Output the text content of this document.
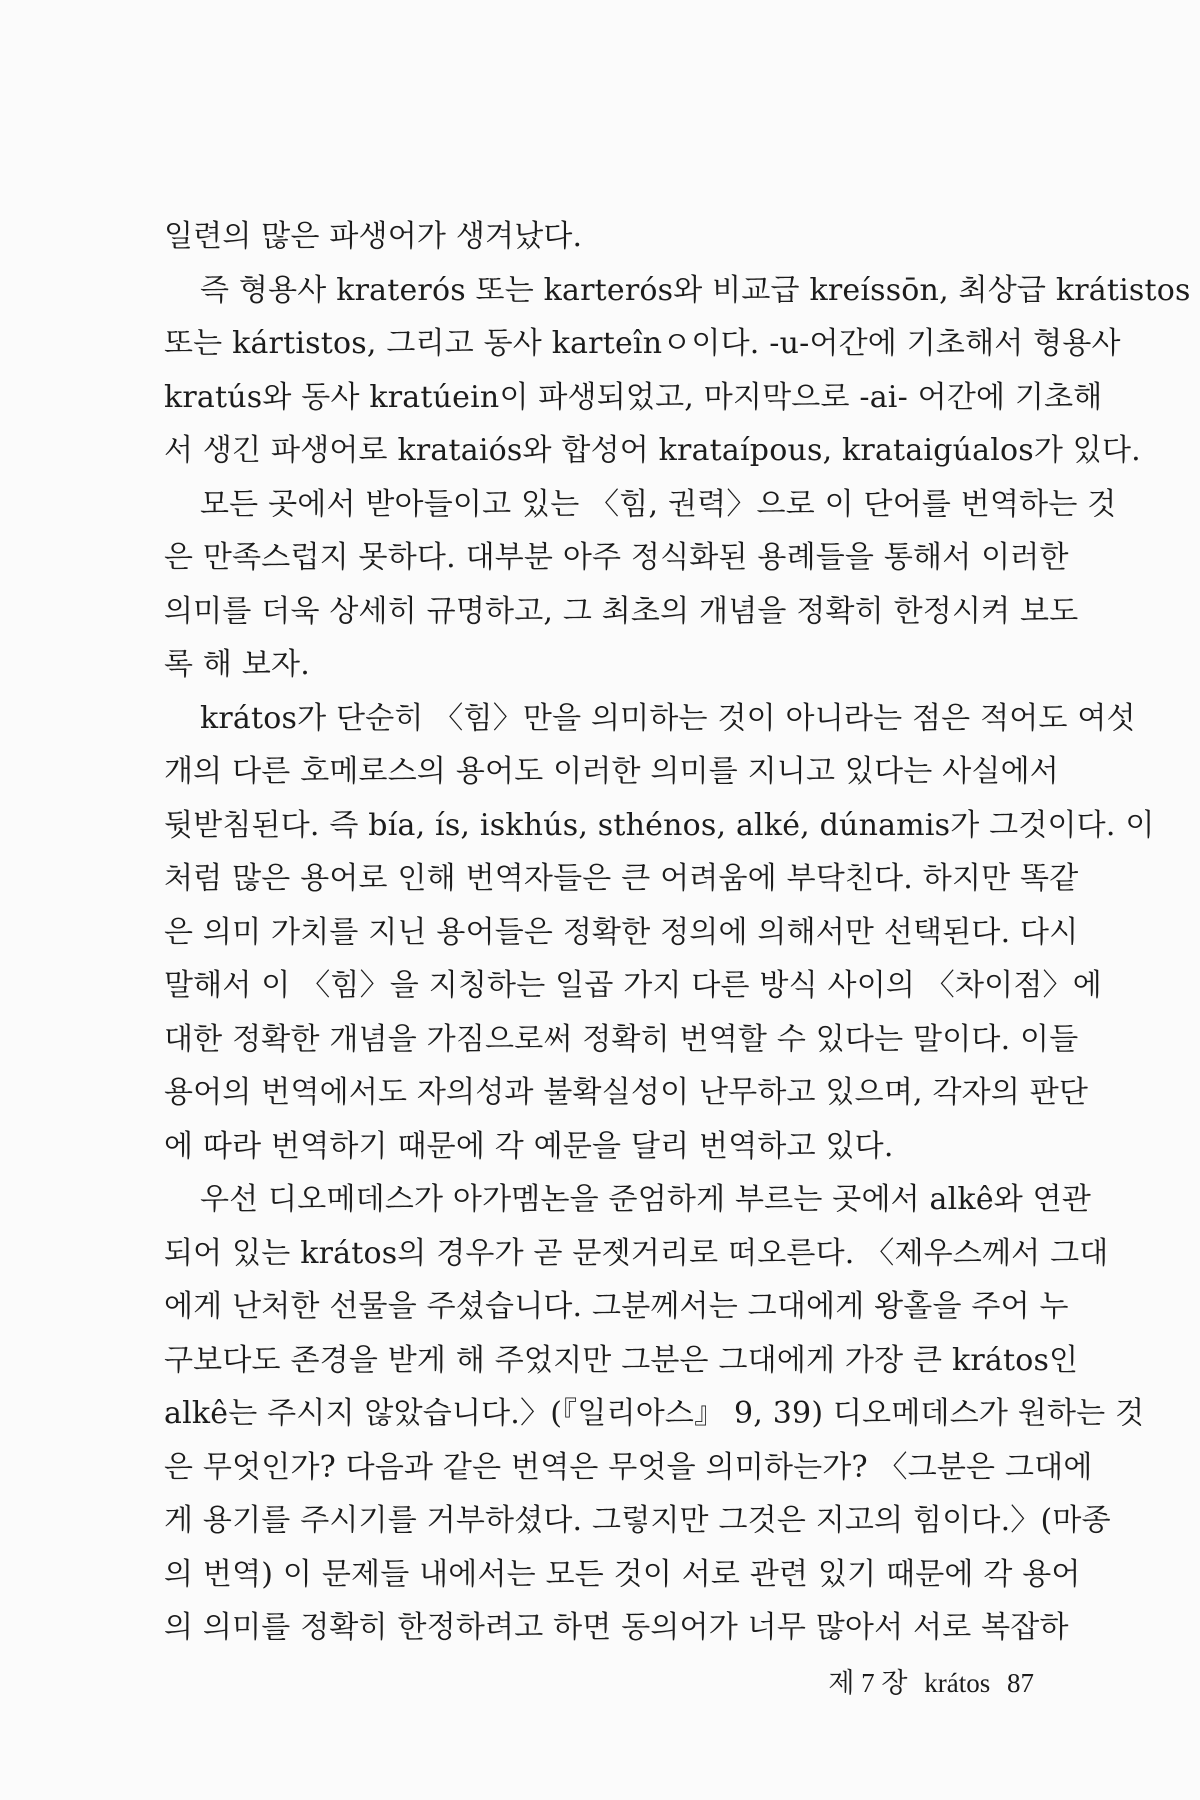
일련의 많은 파생어가 생겨났다.
즉 형용사 kraterós 또는 karterós와 비교급 kreíssōn, 최상급 krátistos
또는 kártistos, 그리고 동사 karteînㅇ이다. -u-어간에 기초해서 형용사
kratús와 동사 kratúein이 파생되었고, 마지막으로 -ai- 어간에 기초해
서 생긴 파생어로 krataiós와 합성어 krataípous, krataigúalos가 있다.
모든 곳에서 받아들이고 있는 〈힘, 권력〉으로 이 단어를 번역하는 것
은 만족스럽지 못하다. 대부분 아주 정식화된 용례들을 통해서 이러한
의미를 더욱 상세히 규명하고, 그 최초의 개념을 정확히 한정시켜 보도
록 해 보자.
krátos가 단순히 〈힘〉만을 의미하는 것이 아니라는 점은 적어도 여섯
개의 다른 호메로스의 용어도 이러한 의미를 지니고 있다는 사실에서
뒷받침된다. 즉 bía, ís, iskhús, sthénos, alké, dúnamis가 그것이다. 이
처럼 많은 용어로 인해 번역자들은 큰 어려움에 부닥친다. 하지만 똑같
은 의미 가치를 지닌 용어들은 정확한 정의에 의해서만 선택된다. 다시
말해서 이 〈힘〉을 지칭하는 일곱 가지 다른 방식 사이의 〈차이점〉에
대한 정확한 개념을 가짐으로써 정확히 번역할 수 있다는 말이다. 이들
용어의 번역에서도 자의성과 불확실성이 난무하고 있으며, 각자의 판단
에 따라 번역하기 때문에 각 예문을 달리 번역하고 있다.
우선 디오메데스가 아가멤논을 준엄하게 부르는 곳에서 alkê와 연관
되어 있는 krátos의 경우가 곧 문젯거리로 떠오른다. 〈제우스께서 그대
에게 난처한 선물을 주셨습니다. 그분께서는 그대에게 왕홀을 주어 누
구보다도 존경을 받게 해 주었지만 그분은 그대에게 가장 큰 krátos인
alkê는 주시지 않았습니다.〉(『일리아스』 9, 39) 디오메데스가 원하는 것
은 무엇인가? 다음과 같은 번역은 무엇을 의미하는가? 〈그분은 그대에
게 용기를 주시기를 거부하셨다. 그렇지만 그것은 지고의 힘이다.〉(마종
의 번역) 이 문제들 내에서는 모든 것이 서로 관련 있기 때문에 각 용어
의 의미를 정확히 한정하려고 하면 동의어가 너무 많아서 서로 복잡하
제 7 장 krátos 87
